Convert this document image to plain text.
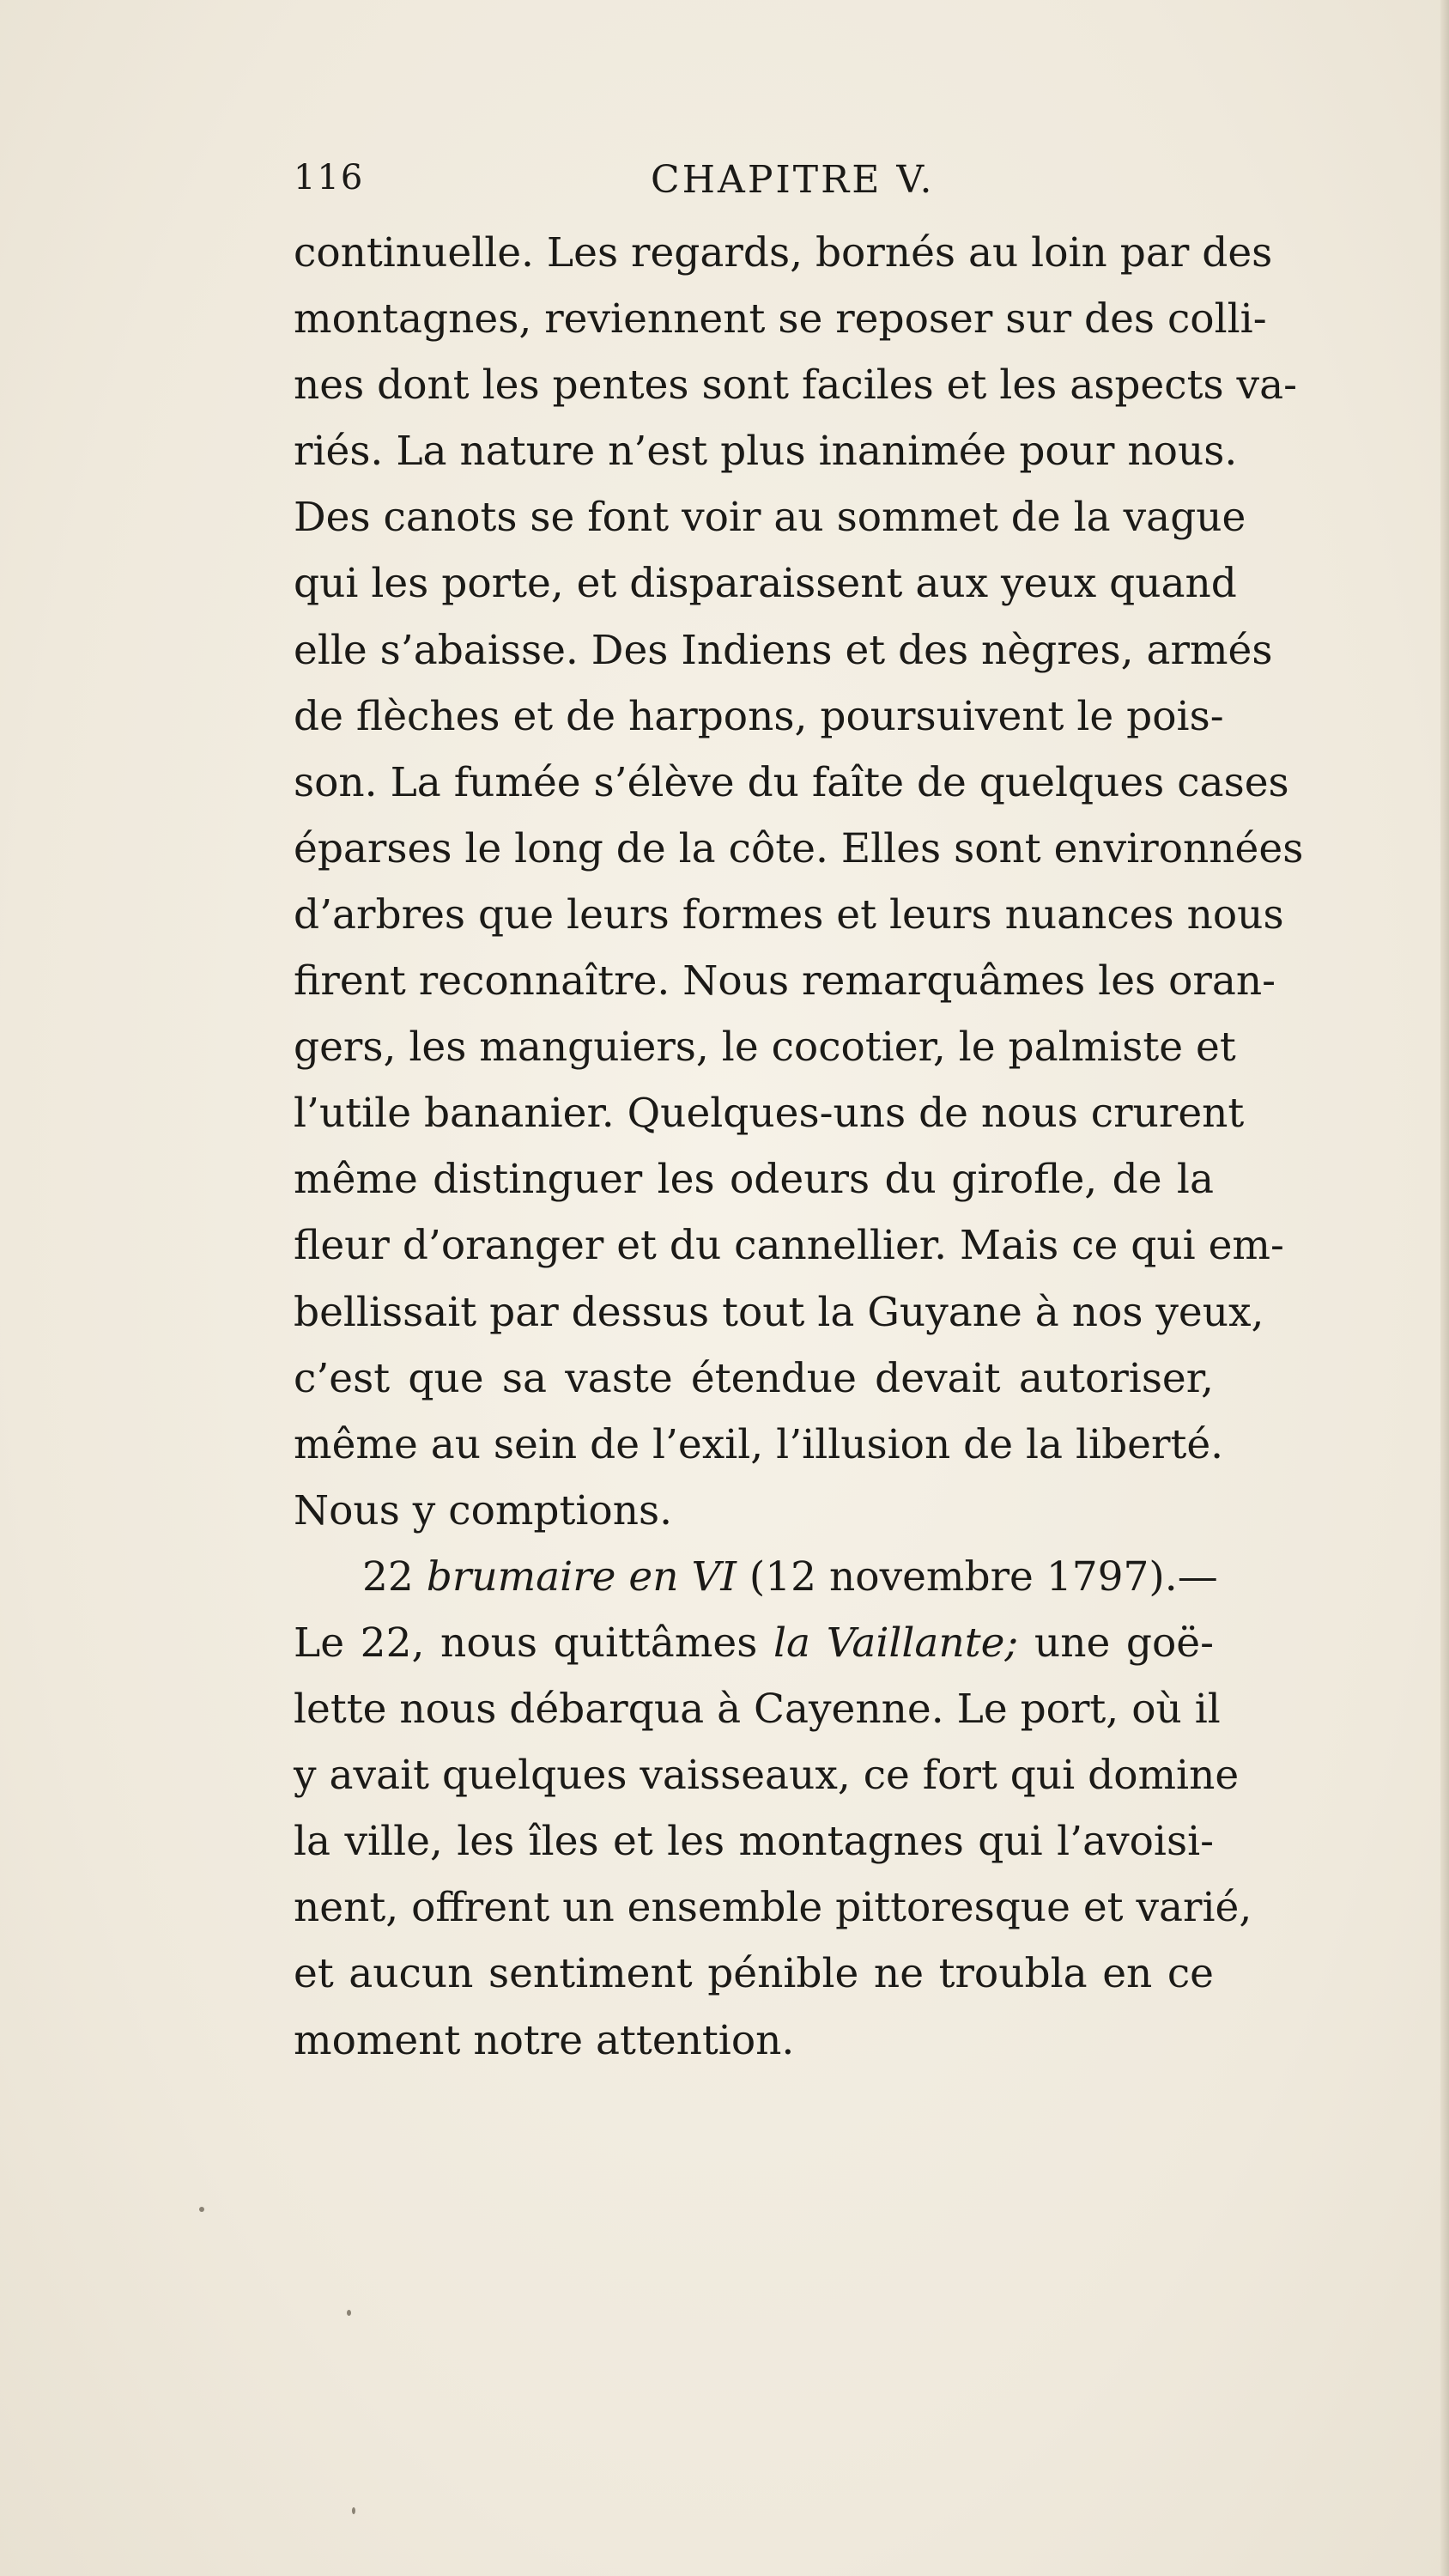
116	CHAPITRE V.
continuelle. Les regards, bornés au loin par des
montagnes, reviennent se reposer sur des colli-
nes dont les pentes sont faciles et les aspects va-
riés. La nature n’est plus inanimée pour nous.
Des canots se font voir au sommet de la vague
qui les porte, et disparaissent aux yeux quand
elle s’abaisse. Des Indiens et des nègres, armés
de flèches et de harpons, poursuivent le pois-
son. La fumée s’élève du faîte de quelques cases
éparses le long de la côte. Elles sont environnées
d’arbres que leurs formes et leurs nuances nous
firent reconnaître. Nous remarquâmes les oran-
gers, les manguiers, le cocotier, le palmiste et
l’utile bananier. Quelques-uns de nous crurent
même distinguer les odeurs du girofle, de la
fleur d’oranger et du cannellier. Mais ce qui em-
bellissait par dessus tout la Guyane à nos yeux,
c’est que sa vaste étendue devait autoriser,
même au sein de l’exil, l’illusion de la liberté.
Nous y comptions.
22 brumaire en VI (12 novembre 1797).—
Le 22, nous quittâmes la Vaillante; une goë-
lette nous débarqua à Cayenne. Le port, où il
y avait quelques vaisseaux, ce fort qui domine
la ville, les îles et les montagnes qui l’avoisi-
nent, offrent un ensemble pittoresque et varié,
et aucun sentiment pénible ne troubla en ce
moment notre attention.
